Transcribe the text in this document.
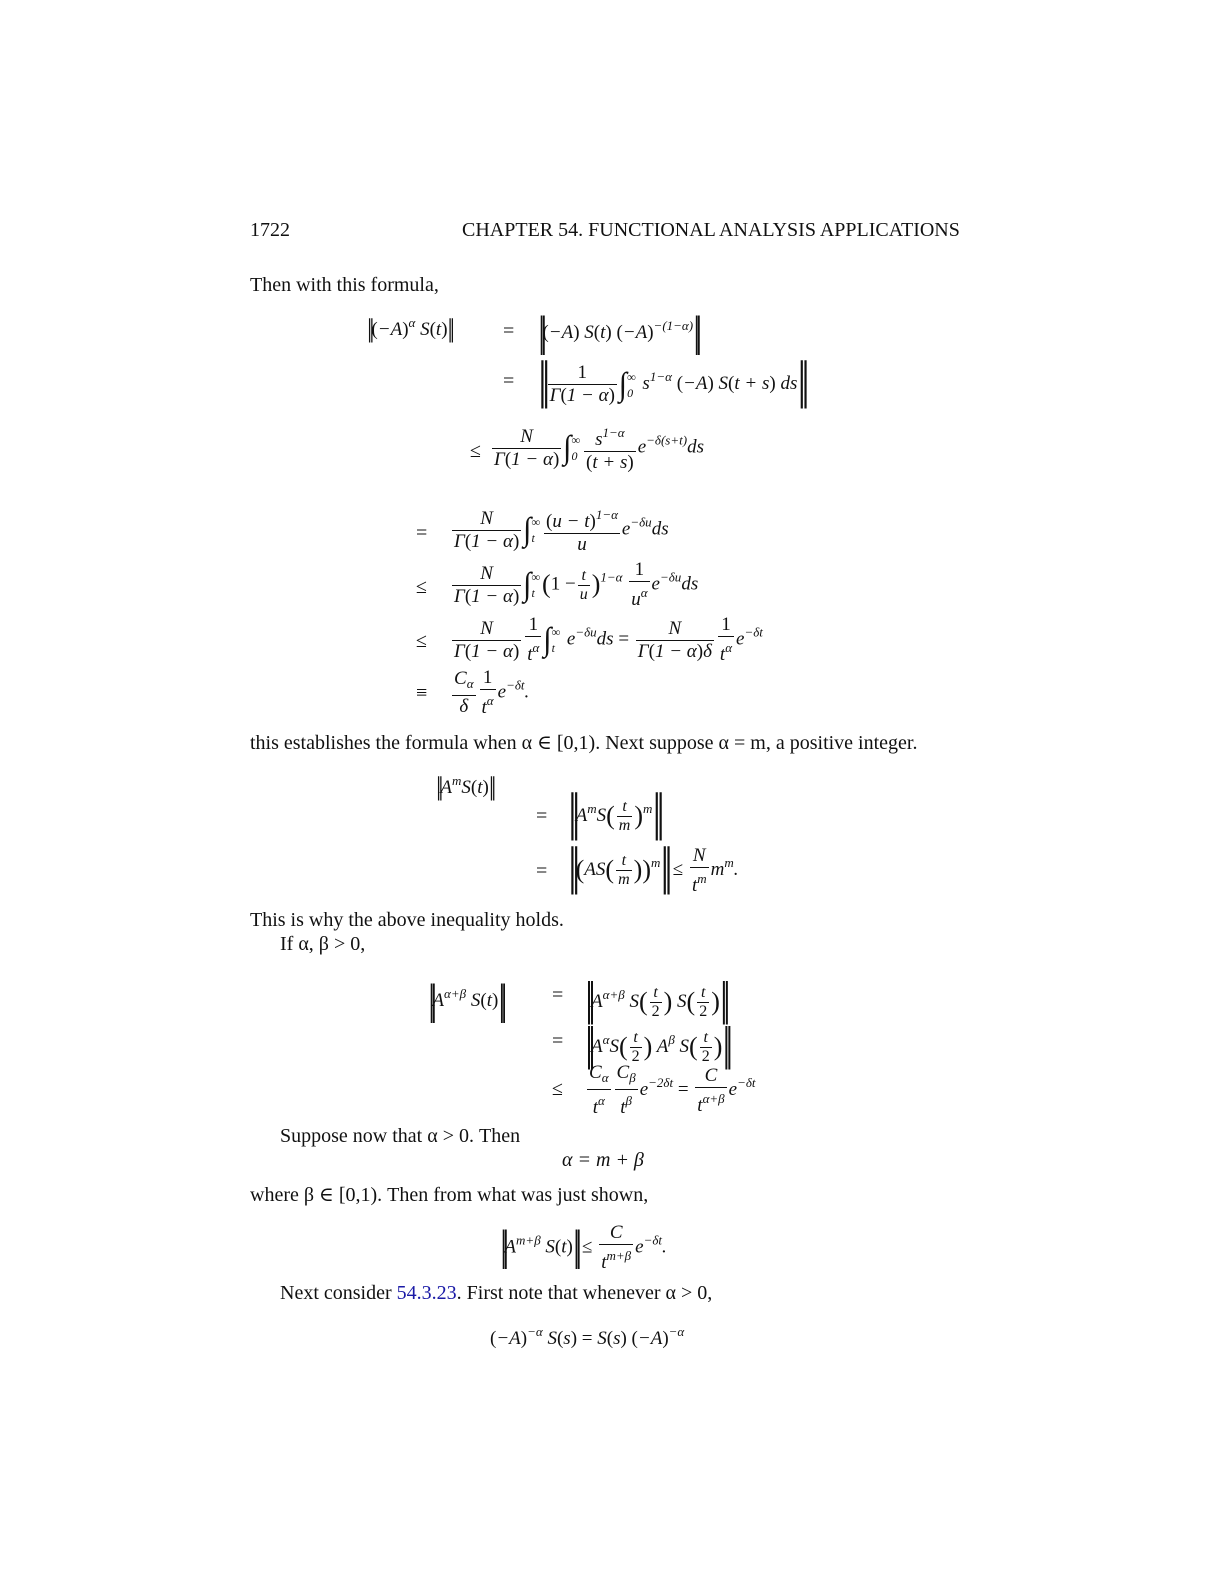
1722	CHAPTER 54. FUNCTIONAL ANALYSIS APPLICATIONS
Then with this formula,
$||(-A)^\alpha$ S(t)||	= ||(−A) S(t) $(-A)^{-(1-\alpha)}||$
= || $\frac{1}{\Gamma(1 - \alpha)}$ ∫ ∞
0 $s^{1-\alpha}$ (−A) S(t + s) ds||
≤ $\frac{N}{\Gamma(1 - \alpha)}$ ∫ ∞
$0 \frac{s^{1-\alpha}}{(t + s)} e^{-\delta(s+t)}ds$
= $\frac{N}{\Gamma(1 - \alpha)}$ ∫ ∞
t $\frac{(u - t)^{1-\alpha}}{u} e^{-\delta u}ds$
≤ $\frac{N}{\Gamma(1 - \alpha)}$ ∫ ∞
t $(1 - \frac{t}{u} )^{1-\alpha} \frac{1}{u^\alpha} e^{-\delta u}ds$
≤ $\frac{N}{\Gamma(1 - \alpha)} \frac{1}{t^\alpha}$ ∫ ∞
t $e^{-\delta u}ds = \frac{N}{\Gamma(1 - \alpha)\delta} \frac{1}{t^\alpha} e^{-\delta t}$
≡ $\frac{C_\alpha}{\delta} \frac{1}{t^\alpha} e^{-\delta t}$.
this establishes the formula when α ∈ [0,1). Next suppose α = m, a positive integer.
$||A^mS(t)||$
= $||A^mS( \frac{t}{m} )^m||$
= $||(AS( \frac{t}{m} ))^m|| \le \frac{N}{t^m} m^m$.
This is why the above inequality holds.
If α, β > 0,
$||A^{\alpha+\beta}$ $S(t)|| = ||A^{\alpha+\beta}$ $S( \frac{t}{2}$ ) $S( \frac{t}{2}$ )||
= $||A^\alpha S( \frac{t}{2}$ ) $A^\beta$ $S( \frac{t}{2}$ )||
≤ $\frac{C_\alpha}{t^\alpha} \frac{C_\beta}{t^\beta} e^{-2\delta t} = \frac{C}{t^{\alpha+\beta}} e^{-\delta t}$
Suppose now that α > 0. Then
α = m + β
where β ∈ [0,1). Then from what was just shown,
$||A^{m+\beta}$ $S(t)|| \le \frac{C}{t^{m+\beta}} e^{-\delta t}$.
Next consider 54.3.23. First note that whenever α > 0,
$(-A)^{-\alpha}$ S(s) = S(s) $(-A)^{-\alpha}$
